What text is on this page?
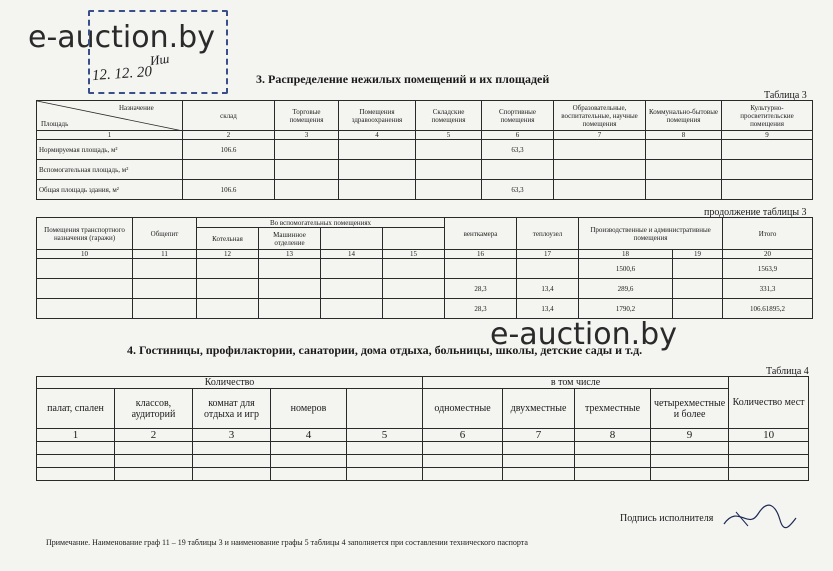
e-auction.by
Иш
12. 12. 20	3. Распределение нежилых помещений и их площадей
Таблица 3
Назначение
Площадь	склад	Торговые помещения	Помещения здравоохранения	Складские помещения	Спортивные помещения	Образовательные, воспитательные, научные помещения	Коммунально-бытовые помещения	Культурно-просветительские помещения
1	2	3	4	5	6	7	8	9
Нормируемая площадь, м²	106.6				63,3			
Вспомогательная площадь, м²								
Общая площадь здания, м²	106.6				63,3			
продолжение таблицы 3
Помещения транспортного назначения (гаражи)	Общепит	Во вспомогательных помещениях				венткамера	теплоузел	Производственные и административные помещения		Итого
		Котельная	Машинное отделение							
10	11	12	13	14	15	16	17	18	19	20
								1500,6		1563,9
						28,3	13,4	289,6		331,3
						28,3	13,4	1790,2		106.61895,2
e-auction.by
4. Гостиницы, профилактории, санатории, дома отдыха, больницы, школы, детские сады и т.д.
Таблица 4
Количество					в том числе				Количество мест
палат, спален	классов, аудиторий	комнат для отдыха и игр	номеров		одноместные	двухместные	трехместные	четырехместные и более	
1	2	3	4	5	6	7	8	9	10

Подпись исполнителя
Примечание. Наименование граф 11 – 19 таблицы 3 и наименование графы 5 таблицы 4 заполняется при составлении технического паспорта
